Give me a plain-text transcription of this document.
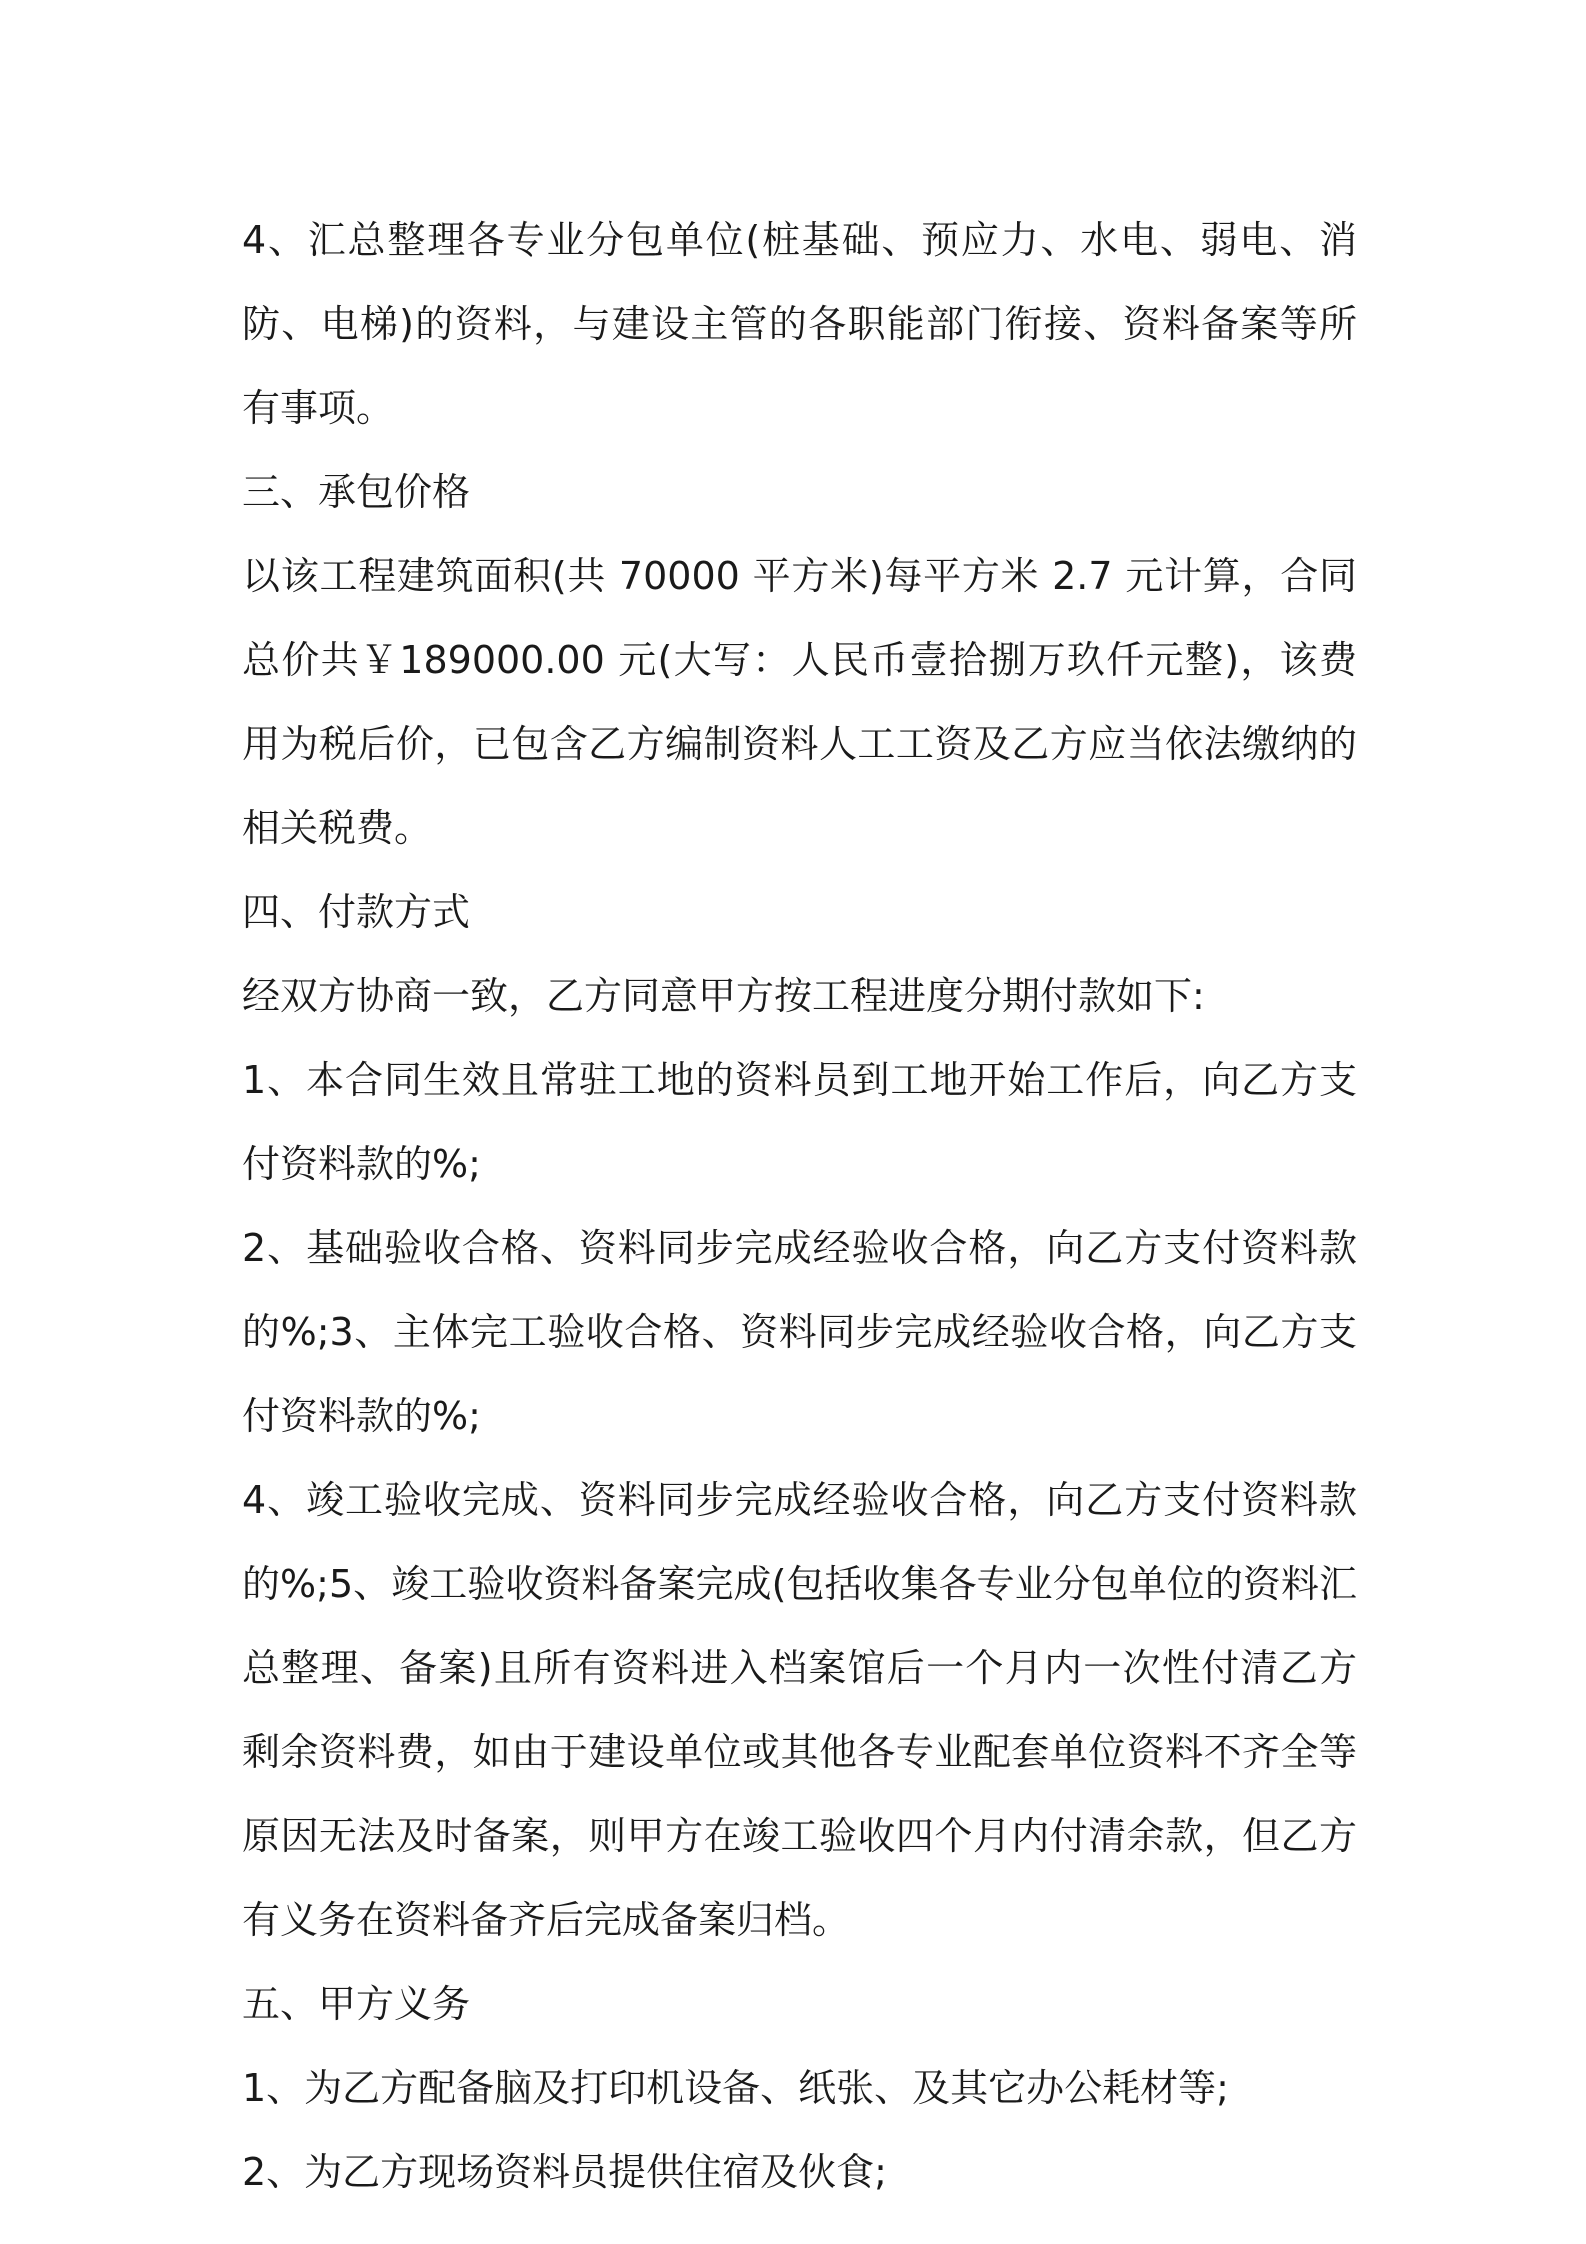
4、汇总整理各专业分包单位(桩基础、预应力、水电、弱电、消防、电梯)的资料，与建设主管的各职能部门衔接、资料备案等所有事项。

三、承包价格

以该工程建筑面积(共 70000 平方米)每平方米 2.7 元计算，合同总价共￥189000.00 元(大写：人民币壹拾捌万玖仟元整)，该费用为税后价，已包含乙方编制资料人工工资及乙方应当依法缴纳的相关税费。

四、付款方式

经双方协商一致，乙方同意甲方按工程进度分期付款如下:

1、本合同生效且常驻工地的资料员到工地开始工作后，向乙方支付资料款的%;

2、基础验收合格、资料同步完成经验收合格，向乙方支付资料款的%;3、主体完工验收合格、资料同步完成经验收合格，向乙方支付资料款的%;

4、竣工验收完成、资料同步完成经验收合格，向乙方支付资料款的%;5、竣工验收资料备案完成(包括收集各专业分包单位的资料汇总整理、备案)且所有资料进入档案馆后一个月内一次性付清乙方剩余资料费，如由于建设单位或其他各专业配套单位资料不齐全等原因无法及时备案，则甲方在竣工验收四个月内付清余款，但乙方有义务在资料备齐后完成备案归档。

五、甲方义务

1、为乙方配备脑及打印机设备、纸张、及其它办公耗材等;

2、为乙方现场资料员提供住宿及伙食;
